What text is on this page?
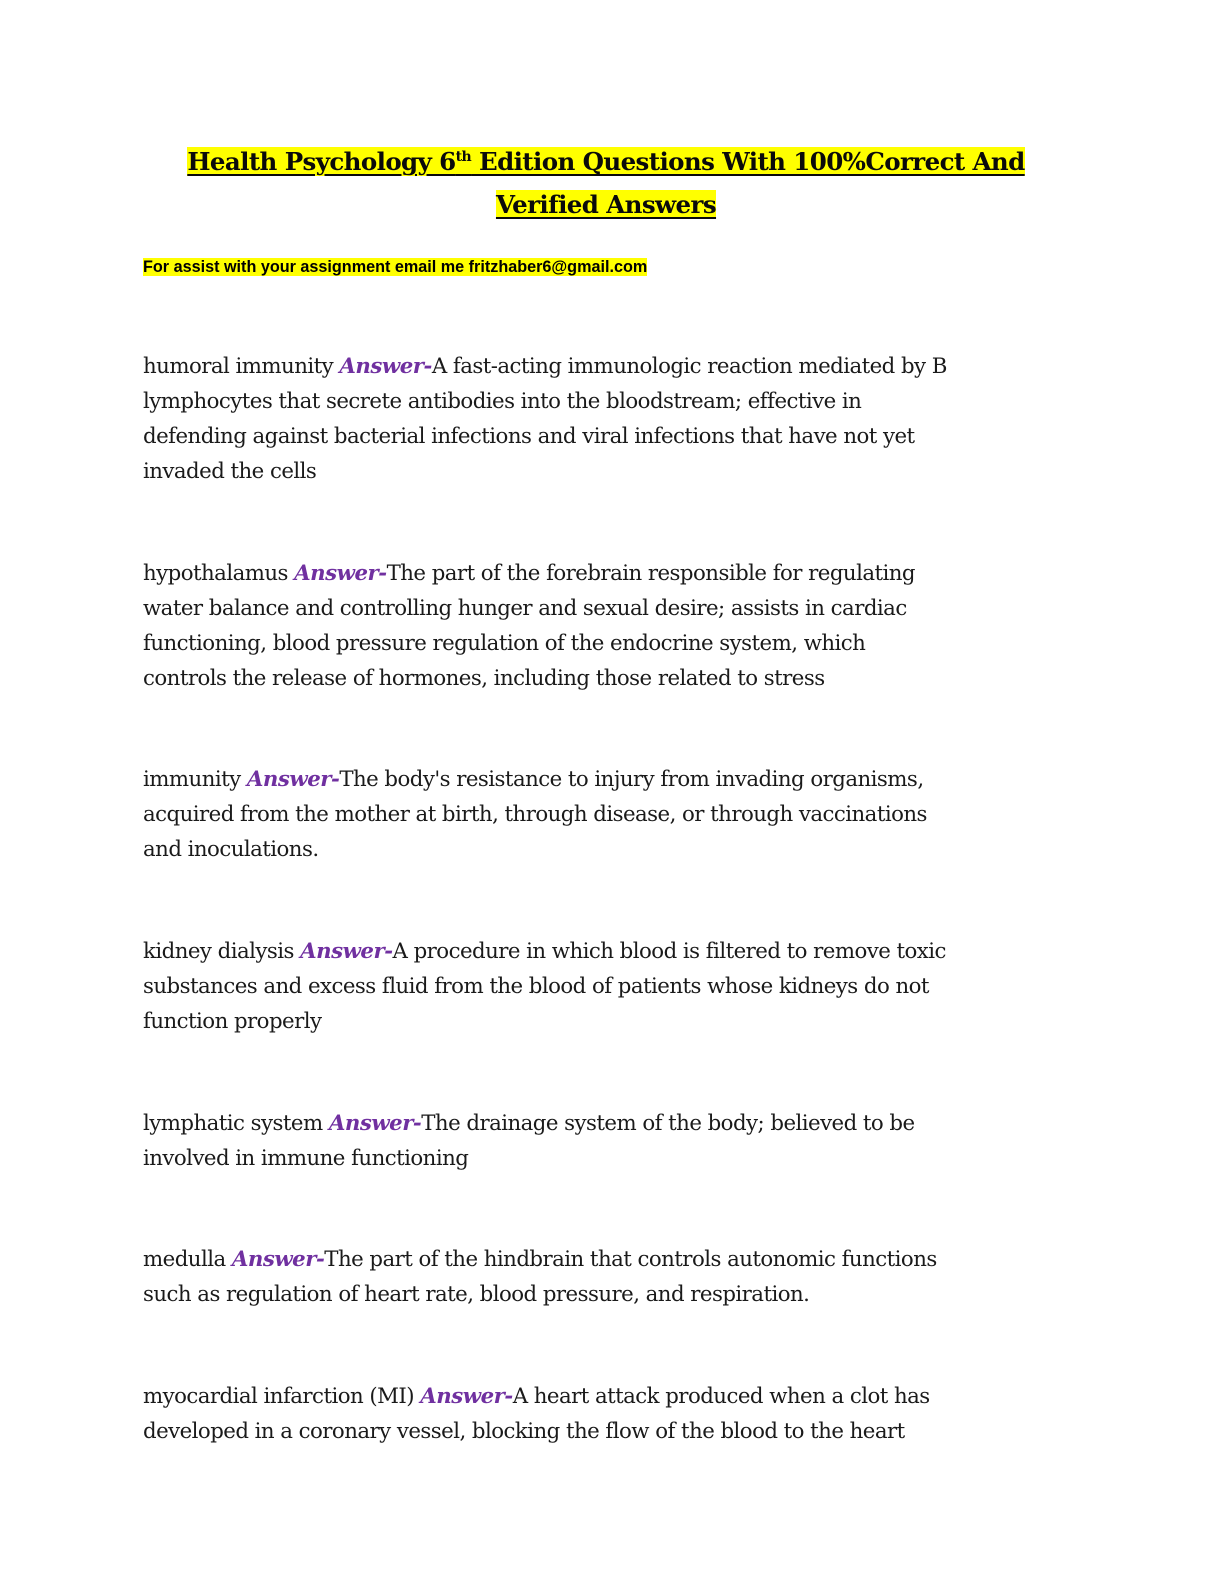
Health Psychology 6th Edition Questions With 100%Correct And
Verified Answers
For assist with your assignment email me fritzhaber6@gmail.com
humoral immunity Answer-A fast-acting immunologic reaction mediated by B
lymphocytes that secrete antibodies into the bloodstream; effective in
defending against bacterial infections and viral infections that have not yet
invaded the cells
hypothalamus Answer-The part of the forebrain responsible for regulating
water balance and controlling hunger and sexual desire; assists in cardiac
functioning, blood pressure regulation of the endocrine system, which
controls the release of hormones, including those related to stress
immunity Answer-The body's resistance to injury from invading organisms,
acquired from the mother at birth, through disease, or through vaccinations
and inoculations.
kidney dialysis Answer-A procedure in which blood is filtered to remove toxic
substances and excess fluid from the blood of patients whose kidneys do not
function properly
lymphatic system Answer-The drainage system of the body; believed to be
involved in immune functioning
medulla Answer-The part of the hindbrain that controls autonomic functions
such as regulation of heart rate, blood pressure, and respiration.
myocardial infarction (MI) Answer-A heart attack produced when a clot has
developed in a coronary vessel, blocking the flow of the blood to the heart
